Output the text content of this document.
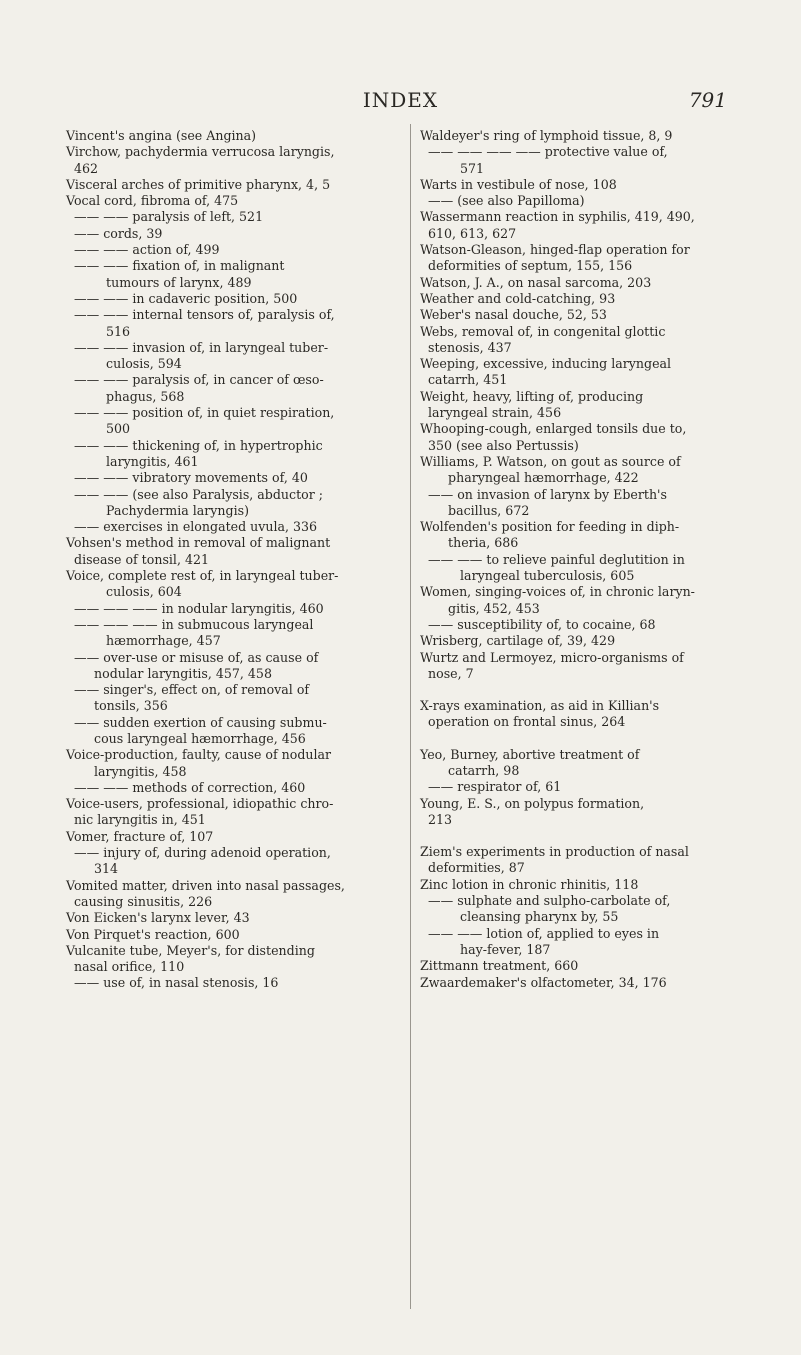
INDEX	791
Vincent's angina (see Angina)
Virchow, pachydermia verrucosa laryngis,
462
Visceral arches of primitive pharynx, 4, 5
Vocal cord, fibroma of, 475
—— —— paralysis of left, 521
—— cords, 39
—— —— action of, 499
—— —— fixation of, in malignant
tumours of larynx, 489
—— —— in cadaveric position, 500
—— —— internal tensors of, paralysis of,
516
—— —— invasion of, in laryngeal tuber-
culosis, 594
—— —— paralysis of, in cancer of œso-
phagus, 568
—— —— position of, in quiet respiration,
500
—— —— thickening of, in hypertrophic
laryngitis, 461
—— —— vibratory movements of, 40
—— —— (see also Paralysis, abductor ;
Pachydermia laryngis)
—— exercises in elongated uvula, 336
Vohsen's method in removal of malignant
disease of tonsil, 421
Voice, complete rest of, in laryngeal tuber-
culosis, 604
—— —— —— in nodular laryngitis, 460
—— —— —— in submucous laryngeal
hæmorrhage, 457
—— over-use or misuse of, as cause of
nodular laryngitis, 457, 458
—— singer's, effect on, of removal of
tonsils, 356
—— sudden exertion of causing submu-
cous laryngeal hæmorrhage, 456
Voice-production, faulty, cause of nodular
laryngitis, 458
—— —— methods of correction, 460
Voice-users, professional, idiopathic chro-
nic laryngitis in, 451
Vomer, fracture of, 107
—— injury of, during adenoid operation,
314
Vomited matter, driven into nasal passages,
causing sinusitis, 226
Von Eicken's larynx lever, 43
Von Pirquet's reaction, 600
Vulcanite tube, Meyer's, for distending
nasal orifice, 110
—— use of, in nasal stenosis, 16
Waldeyer's ring of lymphoid tissue, 8, 9
—— —— —— —— protective value of,
571
Warts in vestibule of nose, 108
—— (see also Papilloma)
Wassermann reaction in syphilis, 419, 490,
610, 613, 627
Watson-Gleason, hinged-flap operation for
deformities of septum, 155, 156
Watson, J. A., on nasal sarcoma, 203
Weather and cold-catching, 93
Weber's nasal douche, 52, 53
Webs, removal of, in congenital glottic
stenosis, 437
Weeping, excessive, inducing laryngeal
catarrh, 451
Weight, heavy, lifting of, producing
laryngeal strain, 456
Whooping-cough, enlarged tonsils due to,
350 (see also Pertussis)
Williams, P. Watson, on gout as source of
pharyngeal hæmorrhage, 422
—— on invasion of larynx by Eberth's
bacillus, 672
Wolfenden's position for feeding in diph-
theria, 686
—— —— to relieve painful deglutition in
laryngeal tuberculosis, 605
Women, singing-voices of, in chronic laryn-
gitis, 452, 453
—— susceptibility of, to cocaine, 68
Wrisberg, cartilage of, 39, 429
Wurtz and Lermoyez, micro-organisms of
nose, 7
X-rays examination, as aid in Killian's
operation on frontal sinus, 264
Yeo, Burney, abortive treatment of
catarrh, 98
—— respirator of, 61
Young, E. S., on polypus formation,
213
Ziem's experiments in production of nasal
deformities, 87
Zinc lotion in chronic rhinitis, 118
—— sulphate and sulpho-carbolate of,
cleansing pharynx by, 55
—— —— lotion of, applied to eyes in
hay-fever, 187
Zittmann treatment, 660
Zwaardemaker's olfactometer, 34, 176
